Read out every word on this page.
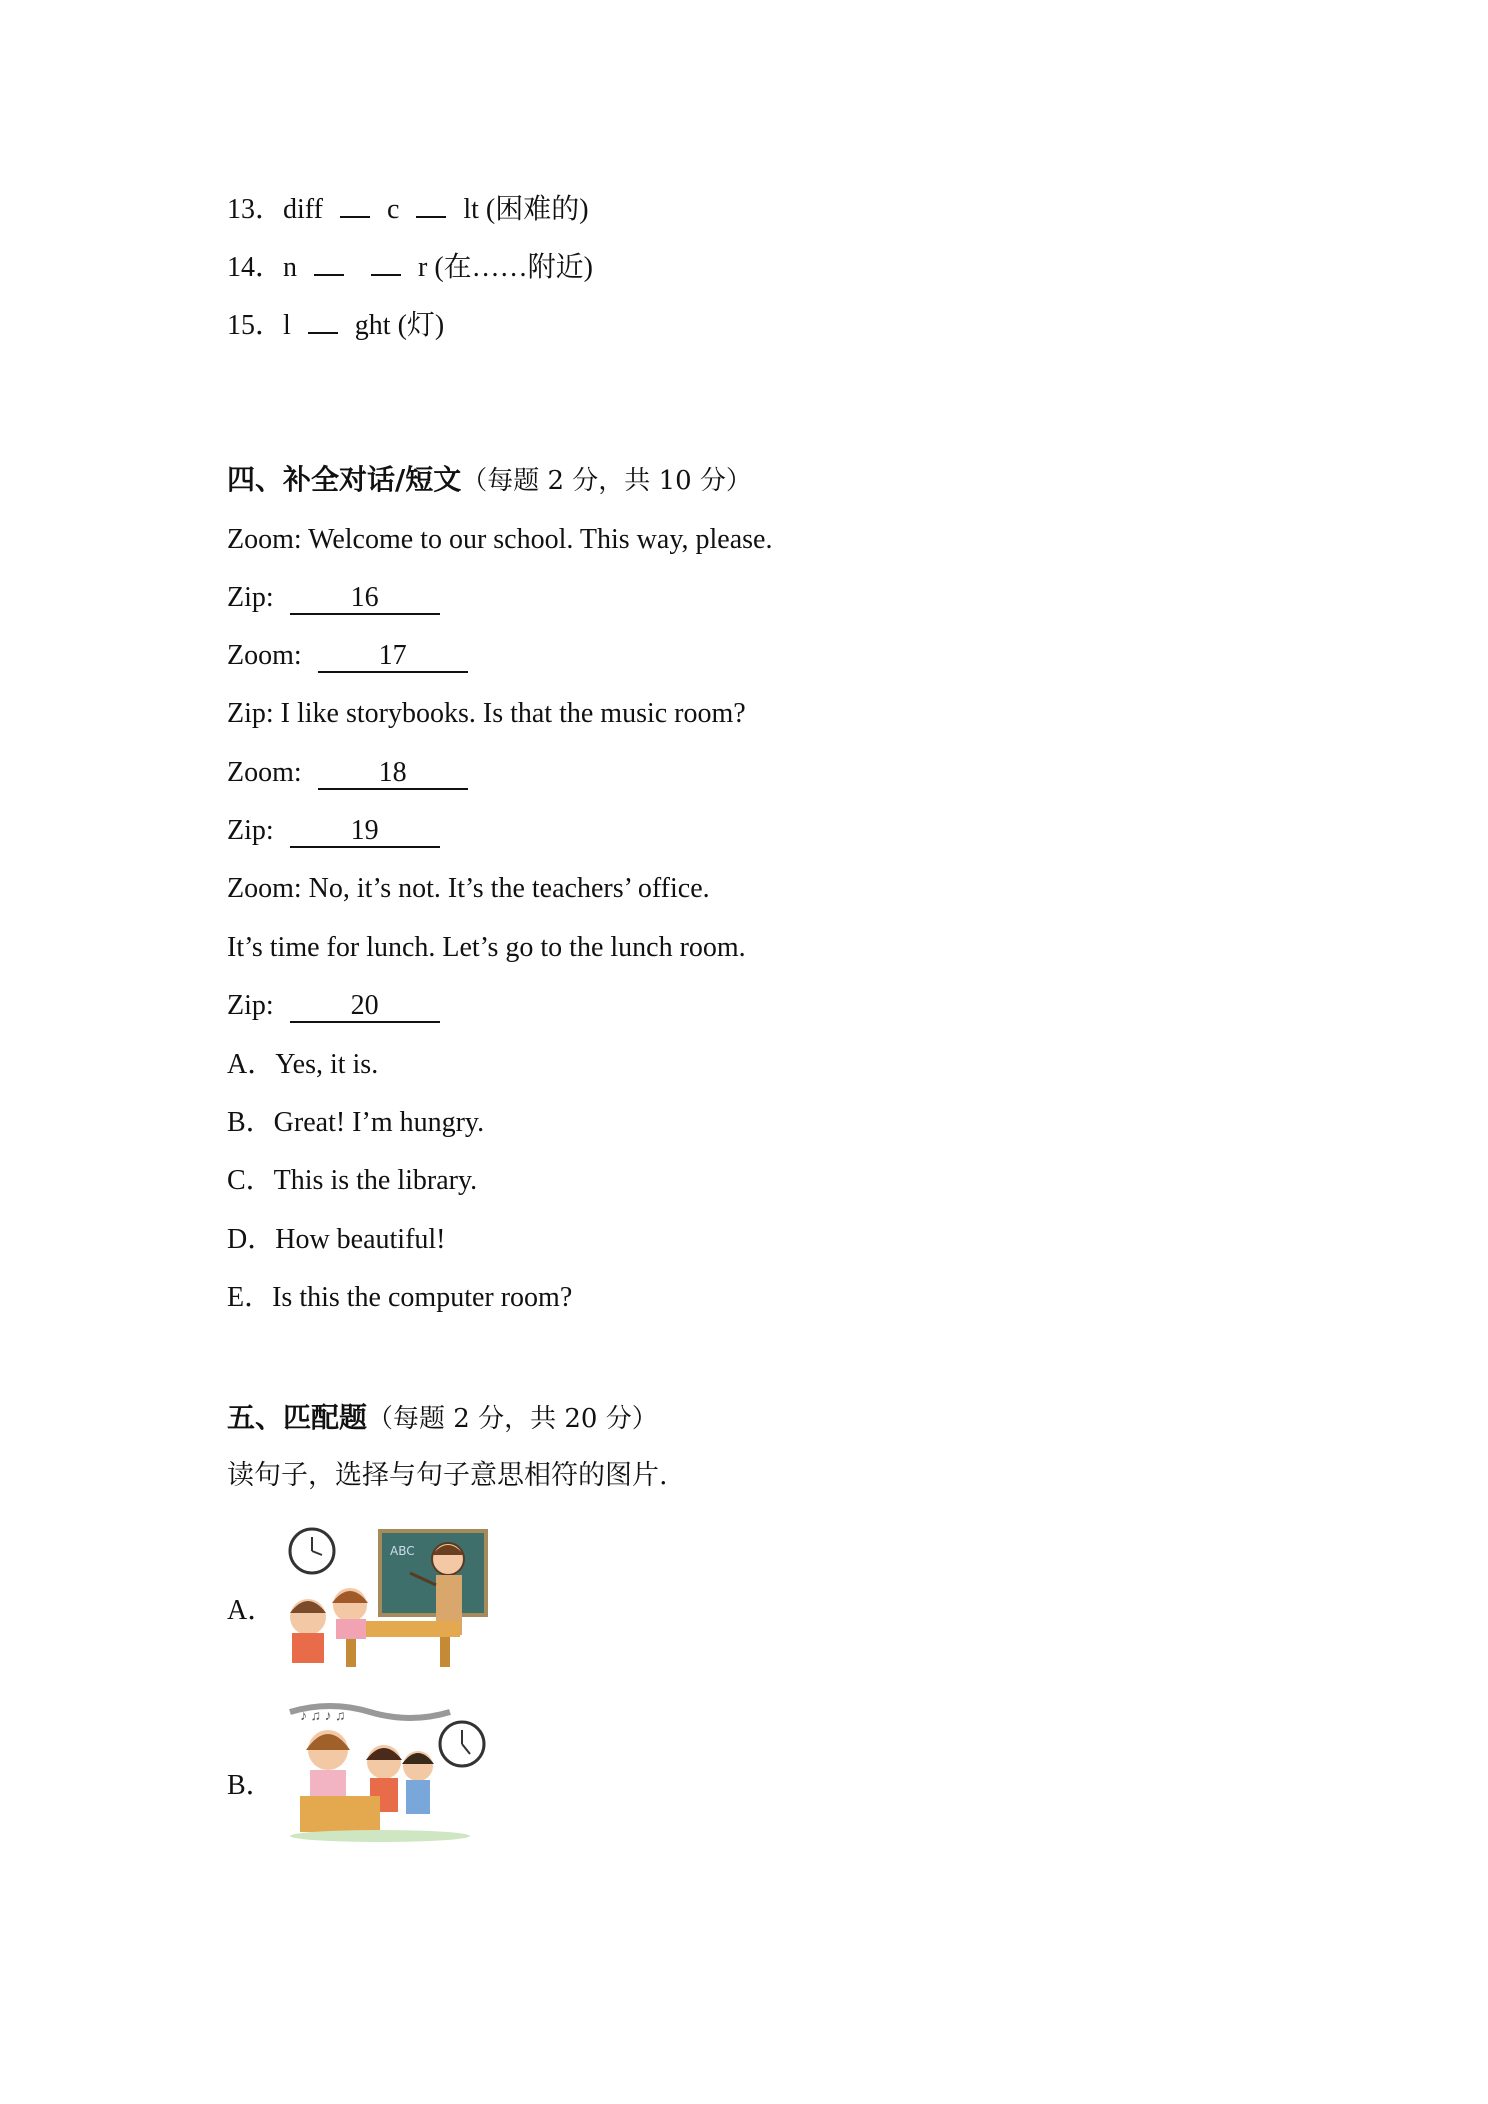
13．diff c lt (困难的)
14．n	r (在……附近)
15．l ght (灯)
四、补全对话/短文（每题 2 分，共 10 分）
Zoom: Welcome to our school. This way, please.
Zip:	16
Zoom:	17
Zip: I like storybooks. Is that the music room?
Zoom:	18
Zip:	19
Zoom: No, it’s not. It’s the teachers’ office.
It’s time for lunch. Let’s go to the lunch room.
Zip:	20
A．Yes, it is.
B．Great! I’m hungry.
C．This is the library.
D．How beautiful!
E．Is this the computer room?
五、匹配题（每题 2 分，共 20 分）
读句子，选择与句子意思相符的图片.
A．
ABC
B．
♪ ♫ ♪ ♫
